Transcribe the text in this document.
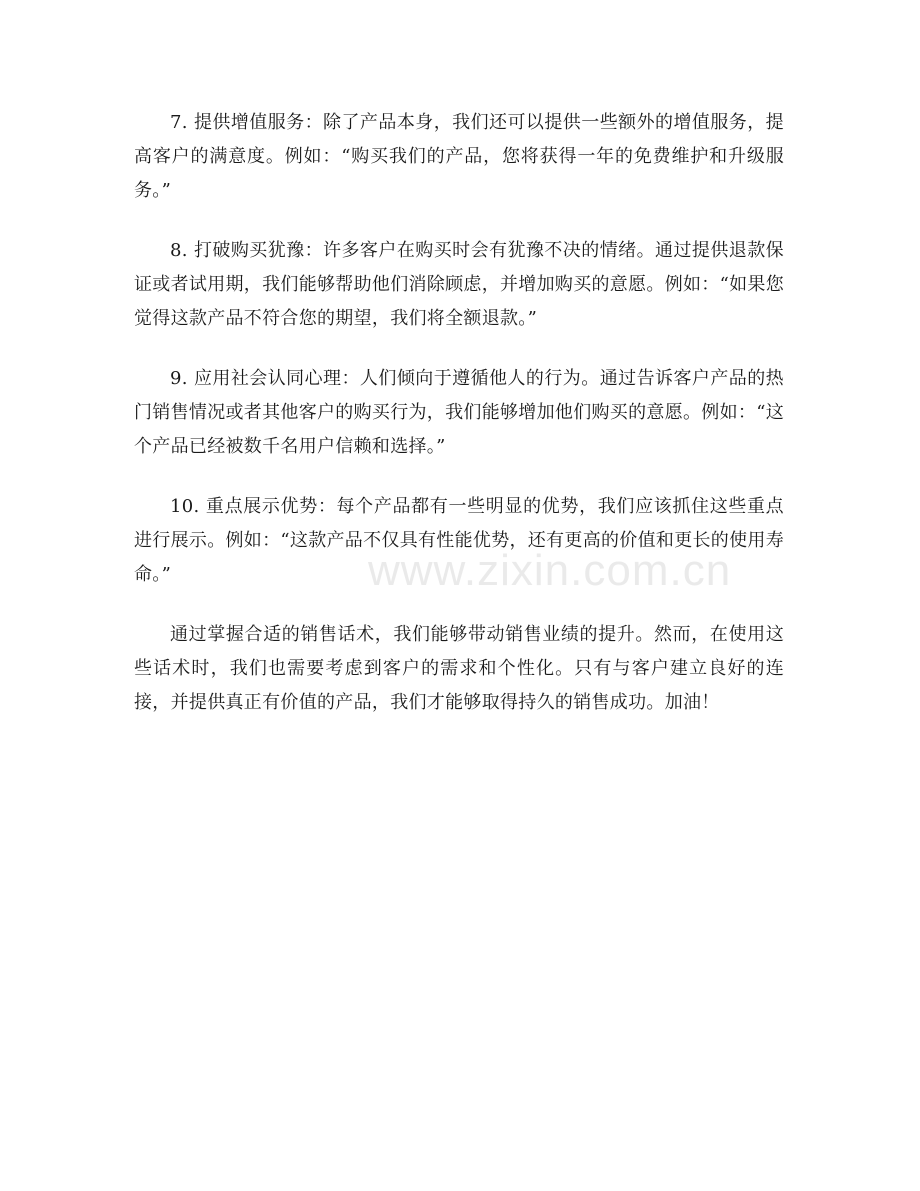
7. 提供增值服务：除了产品本身，我们还可以提供一些额外的增值服务，提高客户的满意度。例如：“购买我们的产品，您将获得一年的免费维护和升级服务。”

8. 打破购买犹豫：许多客户在购买时会有犹豫不决的情绪。通过提供退款保证或者试用期，我们能够帮助他们消除顾虑，并增加购买的意愿。例如：“如果您觉得这款产品不符合您的期望，我们将全额退款。”

9. 应用社会认同心理：人们倾向于遵循他人的行为。通过告诉客户产品的热门销售情况或者其他客户的购买行为，我们能够增加他们购买的意愿。例如：“这个产品已经被数千名用户信赖和选择。”

10. 重点展示优势：每个产品都有一些明显的优势，我们应该抓住这些重点进行展示。例如：“这款产品不仅具有性能优势，还有更高的价值和更长的使用寿命。”

通过掌握合适的销售话术，我们能够带动销售业绩的提升。然而，在使用这些话术时，我们也需要考虑到客户的需求和个性化。只有与客户建立良好的连接，并提供真正有价值的产品，我们才能够取得持久的销售成功。加油！

www.zixin.com.cn
